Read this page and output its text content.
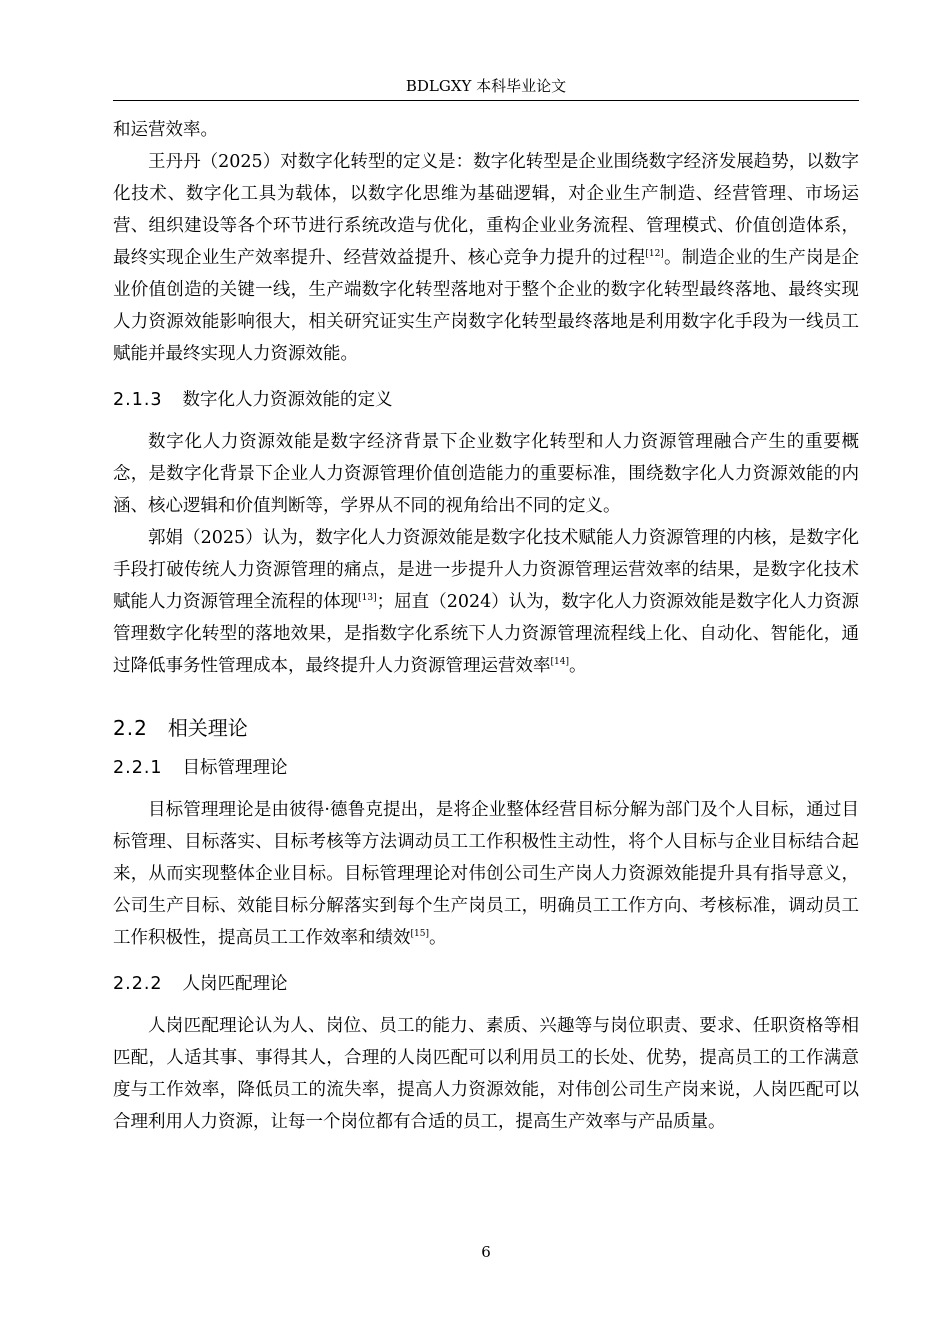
BDLGXY 本科毕业论文

和运营效率。

王丹丹（2025）对数字化转型的定义是：数字化转型是企业围绕数字经济发展趋势，以数字化技术、数字化工具为载体，以数字化思维为基础逻辑，对企业生产制造、经营管理、市场运营、组织建设等各个环节进行系统改造与优化，重构企业业务流程、管理模式、价值创造体系，最终实现企业生产效率提升、经营效益提升、核心竞争力提升的过程[12]。制造企业的生产岗是企业价值创造的关键一线，生产端数字化转型落地对于整个企业的数字化转型最终落地、最终实现人力资源效能影响很大，相关研究证实生产岗数字化转型最终落地是利用数字化手段为一线员工赋能并最终实现人力资源效能。

2.1.3 数字化人力资源效能的定义

数字化人力资源效能是数字经济背景下企业数字化转型和人力资源管理融合产生的重要概念，是数字化背景下企业人力资源管理价值创造能力的重要标准，围绕数字化人力资源效能的内涵、核心逻辑和价值判断等，学界从不同的视角给出不同的定义。

郭娟（2025）认为，数字化人力资源效能是数字化技术赋能人力资源管理的内核，是数字化手段打破传统人力资源管理的痛点，是进一步提升人力资源管理运营效率的结果，是数字化技术赋能人力资源管理全流程的体现[13]；屈直（2024）认为，数字化人力资源效能是数字化人力资源管理数字化转型的落地效果，是指数字化系统下人力资源管理流程线上化、自动化、智能化，通过降低事务性管理成本，最终提升人力资源管理运营效率[14]。

2.2 相关理论
2.2.1 目标管理理论

目标管理理论是由彼得·德鲁克提出，是将企业整体经营目标分解为部门及个人目标，通过目标管理、目标落实、目标考核等方法调动员工工作积极性主动性，将个人目标与企业目标结合起来，从而实现整体企业目标。目标管理理论对伟创公司生产岗人力资源效能提升具有指导意义，公司生产目标、效能目标分解落实到每个生产岗员工，明确员工工作方向、考核标准，调动员工工作积极性，提高员工工作效率和绩效[15]。

2.2.2 人岗匹配理论

人岗匹配理论认为人、岗位、员工的能力、素质、兴趣等与岗位职责、要求、任职资格等相匹配，人适其事、事得其人，合理的人岗匹配可以利用员工的长处、优势，提高员工的工作满意度与工作效率，降低员工的流失率，提高人力资源效能，对伟创公司生产岗来说，人岗匹配可以合理利用人力资源，让每一个岗位都有合适的员工，提高生产效率与产品质量。

6
